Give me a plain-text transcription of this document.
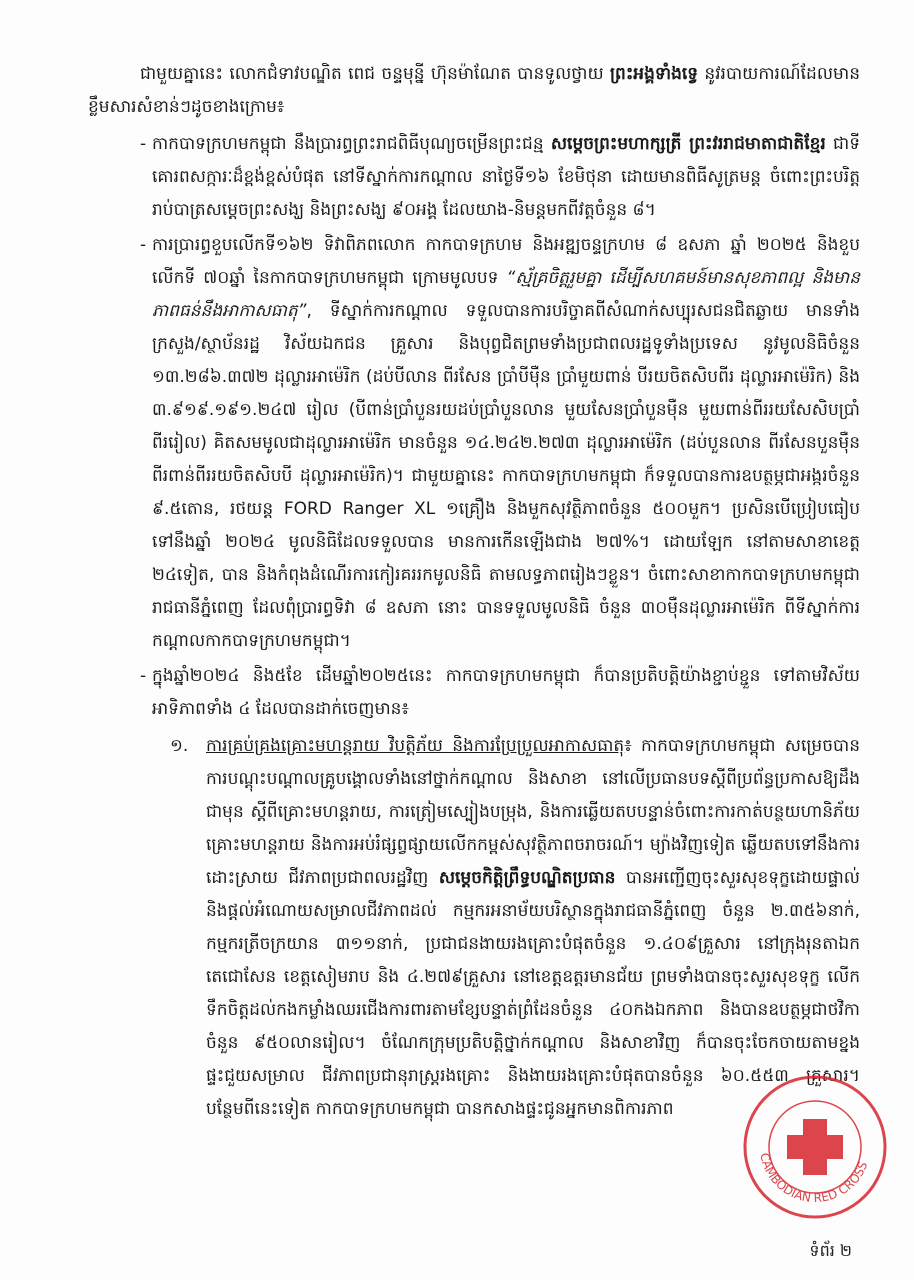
ជាមួយគ្នានេះ លោកជំទាវបណ្ឌិត ពេជ ចន្ទមុន្នី ហ៊ុនម៉ាណែត បានទូលថ្វាយ ព្រះអង្គទាំងទ្វេ នូវរបាយការណ៍ដែលមានខ្លឹមសារសំខាន់ៗដូចខាងក្រោម៖

- កាកបាទក្រហមកម្ពុជា នឹងប្រារព្ធព្រះរាជពិធីបុណ្យចម្រើនព្រះជន្ម សម្តេចព្រះមហាក្សត្រី ព្រះវររាជមាតាជាតិខ្មែរ ជាទីគោរពសក្ការៈដ៏ខ្ពង់ខ្ពស់បំផុត នៅទីស្នាក់ការកណ្តាល នាថ្ងៃទី១៦ ខែមិថុនា ដោយមានពិធីសូត្រមន្ត ចំពោះព្រះបរិត្ត រាប់បាត្រសម្តេចព្រះសង្ឃ និងព្រះសង្ឃ ៩០អង្គ ដែលយាង-និមន្តមកពីវត្តចំនួន ៨។

- ការប្រារព្ធខួបលើកទី១៦២ ទិវាពិភពលោក កាកបាទក្រហម និងអឌ្ឍចន្ទក្រហម ៨ ឧសភា ឆ្នាំ ២០២៥ និងខួបលើកទី ៧០ឆ្នាំ នៃកាកបាទក្រហមកម្ពុជា ក្រោមមូលបទ “ស្ម័គ្រចិត្តរួមគ្នា ដើម្បីសហគមន៍មានសុខភាពល្អ និងមានភាពធន់នឹងអាកាសធាតុ”, ទីស្នាក់ការកណ្តាល ទទួលបានការបរិច្ចាគពីសំណាក់សប្បុរសជនជិតឆ្ងាយ មានទាំងក្រសួង/ស្ថាប័នរដ្ឋ វិស័យឯកជន គ្រួសារ និងបុព្វជិតព្រមទាំងប្រជាពលរដ្ឋទូទាំងប្រទេស នូវមូលនិធិចំនួន ១៣.២៨៦.៣៧២ ដុល្លារអាម៉េរិក (ដប់បីលាន ពីរសែន ប្រាំបីម៉ឺន ប្រាំមួយពាន់ បីរយចិតសិបពីរ ដុល្លារអាម៉េរិក) និង ៣.៩១៩.១៩១.២៤៧ រៀល (បីពាន់ប្រាំបួនរយដប់ប្រាំបួនលាន មួយសែនប្រាំបួនម៉ឺន មួយពាន់ពីររយសែសិបប្រាំពីររៀល) គិតសមមូលជាដុល្លារអាម៉េរិក មានចំនួន ១៤.២៤២.២៧៣ ដុល្លារអាម៉េរិក (ដប់បួនលាន ពីរសែនបួនម៉ឺនពីរពាន់ពីររយចិតសិបបី ដុល្លារអាម៉េរិក)។ ជាមួយគ្នានេះ កាកបាទក្រហមកម្ពុជា ក៏ទទួលបានការឧបត្ថម្ភជាអង្ករចំនួន ៩.៥តោន, រថយន្ត FORD Ranger XL ១គ្រឿង និងមួកសុវត្ថិភាពចំនួន ៥០០មួក។ ប្រសិនបើប្រៀបធៀបទៅនឹងឆ្នាំ ២០២៤ មូលនិធិដែលទទួលបាន មានការកើនឡើងជាង ២៧%។ ដោយឡែក នៅតាមសាខាខេត្ត ២៤ទៀត, បាន និងកំពុងដំណើរការកៀរគររកមូលនិធិ តាមលទ្ធភាពរៀងៗខ្លួន។ ចំពោះសាខាកាកបាទក្រហមកម្ពុជា រាជធានីភ្នំពេញ ដែលពុំប្រារព្ធទិវា ៨ ឧសភា នោះ បានទទួលមូលនិធិ ចំនួន ៣០ម៉ឺនដុល្លារអាម៉េរិក ពីទីស្នាក់ការកណ្តាលកាកបាទក្រហមកម្ពុជា។

- ក្នុងឆ្នាំ២០២៤ និង៥ខែ ដើមឆ្នាំ២០២៥នេះ កាកបាទក្រហមកម្ពុជា ក៏បានប្រតិបត្តិយ៉ាងខ្ជាប់ខ្ជួន ទៅតាមវិស័យអាទិភាពទាំង ៤ ដែលបានដាក់ចេញមាន៖

១. ការគ្រប់គ្រងគ្រោះមហន្តរាយ វិបត្តិភ័យ និងការប្រែប្រួលអាកាសធាតុ៖ កាកបាទក្រហមកម្ពុជា សម្រេចបានការបណ្តុះបណ្តាលគ្រូបង្គោលទាំងនៅថ្នាក់កណ្តាល និងសាខា នៅលើប្រធានបទស្តីពីប្រព័ន្ធប្រកាសឱ្យដឹងជាមុន ស្តីពីគ្រោះមហន្តរាយ, ការត្រៀមស្បៀងបម្រុង, និងការឆ្លើយតបបន្ទាន់ចំពោះការកាត់បន្ថយហានិភ័យគ្រោះមហន្តរាយ និងការអប់រំផ្សព្វផ្សាយលើកកម្ពស់សុវត្ថិភាពចរាចរណ៍។ ម្យ៉ាងវិញទៀត ឆ្លើយតបទៅនឹងការដោះស្រាយ ជីវភាពប្រជាពលរដ្ឋវិញ សម្តេចកិត្តិព្រឹទ្ធបណ្ឌិតប្រធាន បានអញ្ជើញចុះសួរសុខទុក្ខដោយផ្ទាល់ និងផ្តល់អំណោយសម្រាលជីវភាពដល់ កម្មករអនាម័យបរិស្ថានក្នុងរាជធានីភ្នំពេញ ចំនួន ២.៣៥៦នាក់, កម្មករត្រីចក្រយាន ៣១១នាក់, ប្រជាជនងាយរងគ្រោះបំផុតចំនួន ១.៤០៩គ្រួសារ នៅក្រុងរុនតាឯកតេជោសែន ខេត្តសៀមរាប និង ៤.២៧៩គ្រួសារ នៅខេត្តឧត្តរមានជ័យ ព្រមទាំងបានចុះសួរសុខទុក្ខ លើកទឹកចិត្តដល់កងកម្លាំងឈរជើងការពារតាមខ្សែបន្ទាត់ព្រំដែនចំនួន ៤០កងឯកភាព និងបានឧបត្ថម្ភជាថវិកាចំនួន ៩៥០លានរៀល។ ចំណែកក្រុមប្រតិបត្តិថ្នាក់កណ្តាល និងសាខាវិញ ក៏បានចុះចែកចាយតាមខ្នងផ្ទះជួយសម្រាល ជីវភាពប្រជានុរាស្រ្តរងគ្រោះ និងងាយរងគ្រោះបំផុតបានចំនួន ៦០.៥៥៣ គ្រួសារ។ បន្ថែមពីនេះទៀត កាកបាទក្រហមកម្ពុជា បានកសាងផ្ទះជូនអ្នកមានពិការភាព

CAMBODIAN RED CROSS
ទំព័រ ២
